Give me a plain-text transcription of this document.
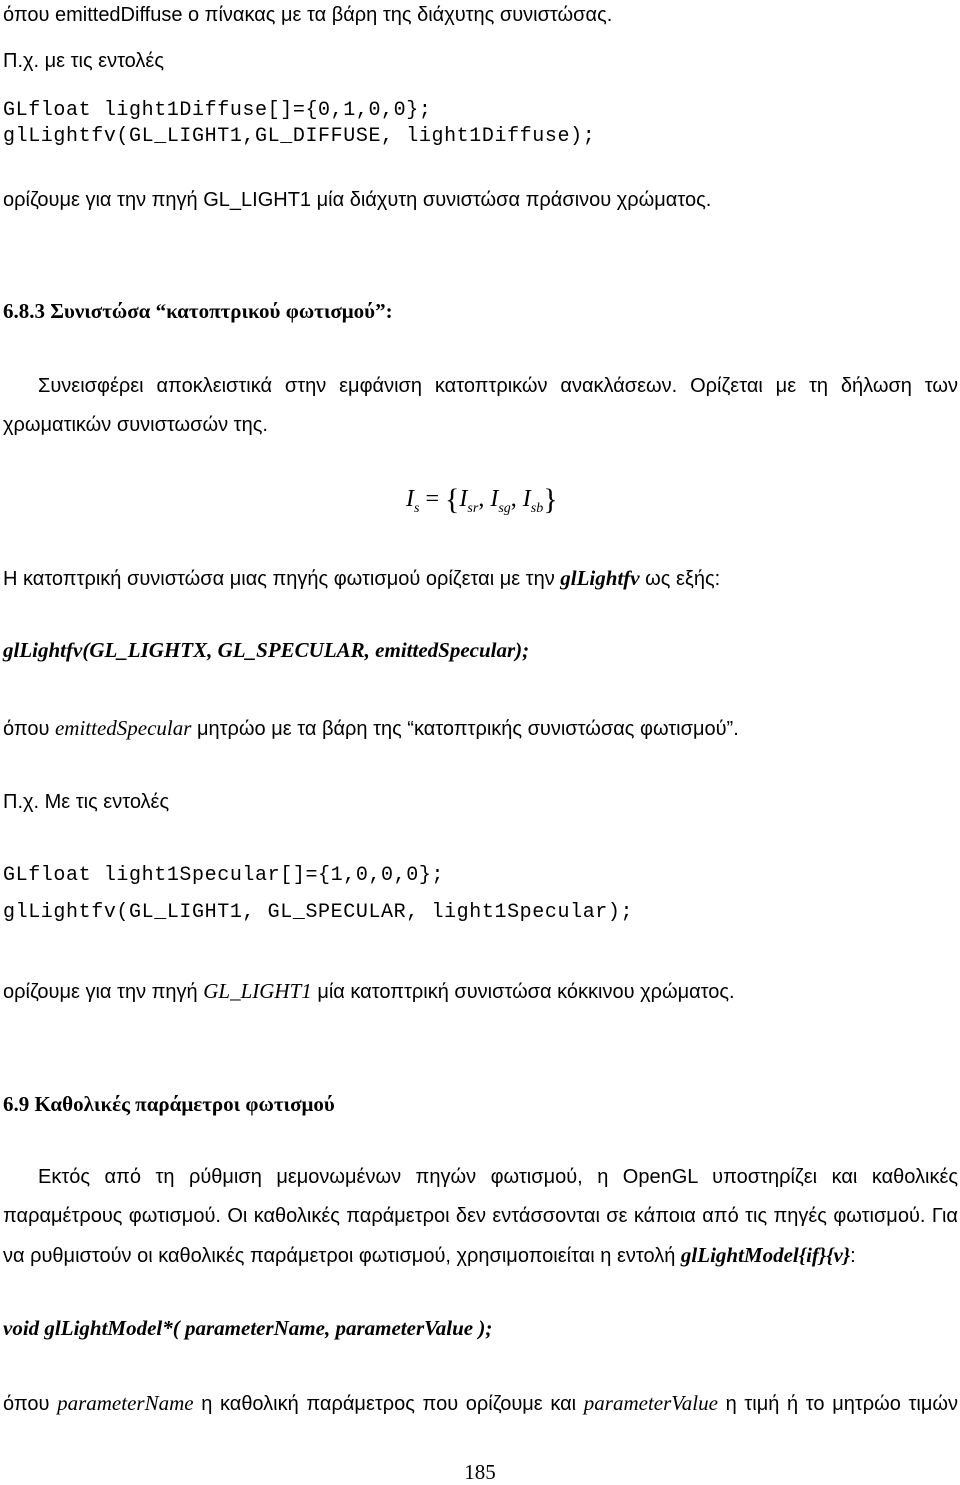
όπου emittedDiffuse ο πίνακας με τα βάρη της διάχυτης συνιστώσας.
Π.χ. με τις εντολές
GLfloat light1Diffuse[]={0,1,0,0};
glLightfv(GL_LIGHT1,GL_DIFFUSE, light1Diffuse);
ορίζουμε για την πηγή GL_LIGHT1 μία διάχυτη συνιστώσα πράσινου χρώματος.
6.8.3 Συνιστώσα “κατοπτρικού φωτισμού”:
Συνεισφέρει αποκλειστικά στην εμφάνιση κατοπτρικών ανακλάσεων. Ορίζεται με τη δήλωση των
χρωματικών συνιστωσών της.
$I_s = \{I_{sr}$, $I_{sg}$, $I_{sb}$}
Η κατοπτρική συνιστώσα μιας πηγής φωτισμού ορίζεται με την glLightfv ως εξής:
glLightfv(GL_LIGHTX, GL_SPECULAR, emittedSpecular);
όπου emittedSpecular μητρώο με τα βάρη της “κατοπτρικής συνιστώσας φωτισμού”.
Π.χ. Με τις εντολές
GLfloat light1Specular[]={1,0,0,0};
glLightfv(GL_LIGHT1, GL_SPECULAR, light1Specular);
ορίζουμε για την πηγή GL_LIGHT1 μία κατοπτρική συνιστώσα κόκκινου χρώματος.
6.9 Καθολικές παράμετροι φωτισμού
Εκτός από τη ρύθμιση μεμονωμένων πηγών φωτισμού, η OpenGL υποστηρίζει και καθολικές
παραμέτρους φωτισμού. Οι καθολικές παράμετροι δεν εντάσσονται σε κάποια από τις πηγές φωτισμού. Για
να ρυθμιστούν οι καθολικές παράμετροι φωτισμού, χρησιμοποιείται η εντολή glLightModel{if}{v}:
void glLightModel*( parameterName, parameterValue );
όπου parameterName η καθολική παράμετρος που ορίζουμε και parameterValue η τιμή ή το μητρώο τιμών
185
